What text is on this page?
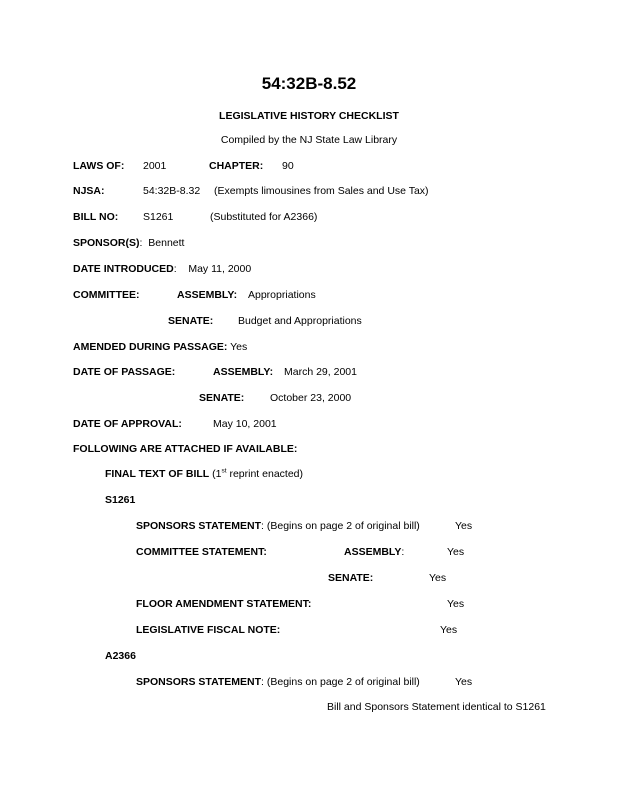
54:32B-8.52
LEGISLATIVE HISTORY CHECKLIST
Compiled by the NJ State Law Library
LAWS OF: 2001	CHAPTER: 90
NJSA:	54:32B-8.32 (Exempts limousines from Sales and Use Tax)
BILL NO: S1261	(Substituted for A2366)
SPONSOR(S):  Bennett
DATE INTRODUCED:    May 11, 2000
COMMITTEE:	ASSEMBLY: Appropriations
SENATE: Budget and Appropriations
AMENDED DURING PASSAGE: Yes
DATE OF PASSAGE:	ASSEMBLY: March 29, 2001
SENATE: October 23, 2000
DATE OF APPROVAL:	May 10, 2001
FOLLOWING ARE ATTACHED IF AVAILABLE:
FINAL TEXT OF BILL (1st reprint enacted)
S1261
SPONSORS STATEMENT: (Begins on page 2 of original bill)	Yes
COMMITTEE STATEMENT:	ASSEMBLY:	Yes
SENATE:	Yes
FLOOR AMENDMENT STATEMENT:	Yes
LEGISLATIVE FISCAL NOTE:	Yes
A2366
SPONSORS STATEMENT: (Begins on page 2 of original bill)	Yes
Bill and Sponsors Statement identical to S1261
